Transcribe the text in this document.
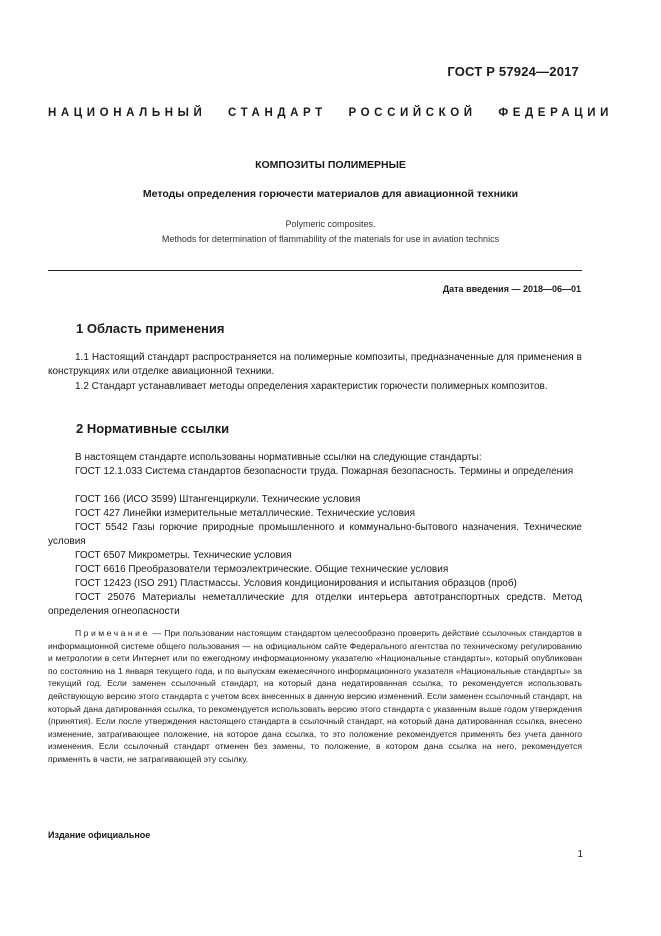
ГОСТ Р 57924—2017
НАЦИОНАЛЬНЫЙ СТАНДАРТ РОССИЙСКОЙ ФЕДЕРАЦИИ
КОМПОЗИТЫ ПОЛИМЕРНЫЕ
Методы определения горючести материалов для авиационной техники
Polymeric composites.
Methods for determination of flammability of the materials for use in aviation technics
Дата введения — 2018—06—01
1 Область применения
1.1 Настоящий стандарт распространяется на полимерные композиты, предназначенные для применения в конструкциях или отделке авиационной техники.
1.2 Стандарт устанавливает методы определения характеристик горючести полимерных композитов.
2 Нормативные ссылки
В настоящем стандарте использованы нормативные ссылки на следующие стандарты:
ГОСТ 12.1.033 Система стандартов безопасности труда. Пожарная безопасность. Термины и определения
ГОСТ 166 (ИСО 3599) Штангенциркули. Технические условия
ГОСТ 427 Линейки измерительные металлические. Технические условия
ГОСТ 5542 Газы горючие природные промышленного и коммунально-бытового назначения. Технические условия
ГОСТ 6507 Микрометры. Технические условия
ГОСТ 6616 Преобразователи термоэлектрические. Общие технические условия
ГОСТ 12423 (ISO 291) Пластмассы. Условия кондиционирования и испытания образцов (проб)
ГОСТ 25076 Материалы неметаллические для отделки интерьера автотранспортных средств. Метод определения огнеопасности
Примечание — При пользовании настоящим стандартом целесообразно проверить действие ссылочных стандартов в информационной системе общего пользования — на официальном сайте Федерального агентства по техническому регулированию и метрологии в сети Интернет или по ежегодному информационному указателю «Национальные стандарты», который опубликован по состоянию на 1 января текущего года, и по выпускам ежемесячного информационного указателя «Национальные стандарты» за текущий год. Если заменен ссылочный стандарт, на который дана недатированная ссылка, то рекомендуется использовать действующую версию этого стандарта с учетом всех внесенных в данную версию изменений. Если заменен ссылочный стандарт, на который дана датированная ссылка, то рекомендуется использовать версию этого стандарта с указанным выше годом утверждения (принятия). Если после утверждения настоящего стандарта в ссылочный стандарт, на который дана датированная ссылка, внесено изменение, затрагивающее положение, на которое дана ссылка, то это положение рекомендуется применять без учета данного изменения. Если ссылочный стандарт отменен без замены, то положение, в котором дана ссылка на него, рекомендуется применять в части, не затрагивающей эту ссылку.
Издание официальное
1
